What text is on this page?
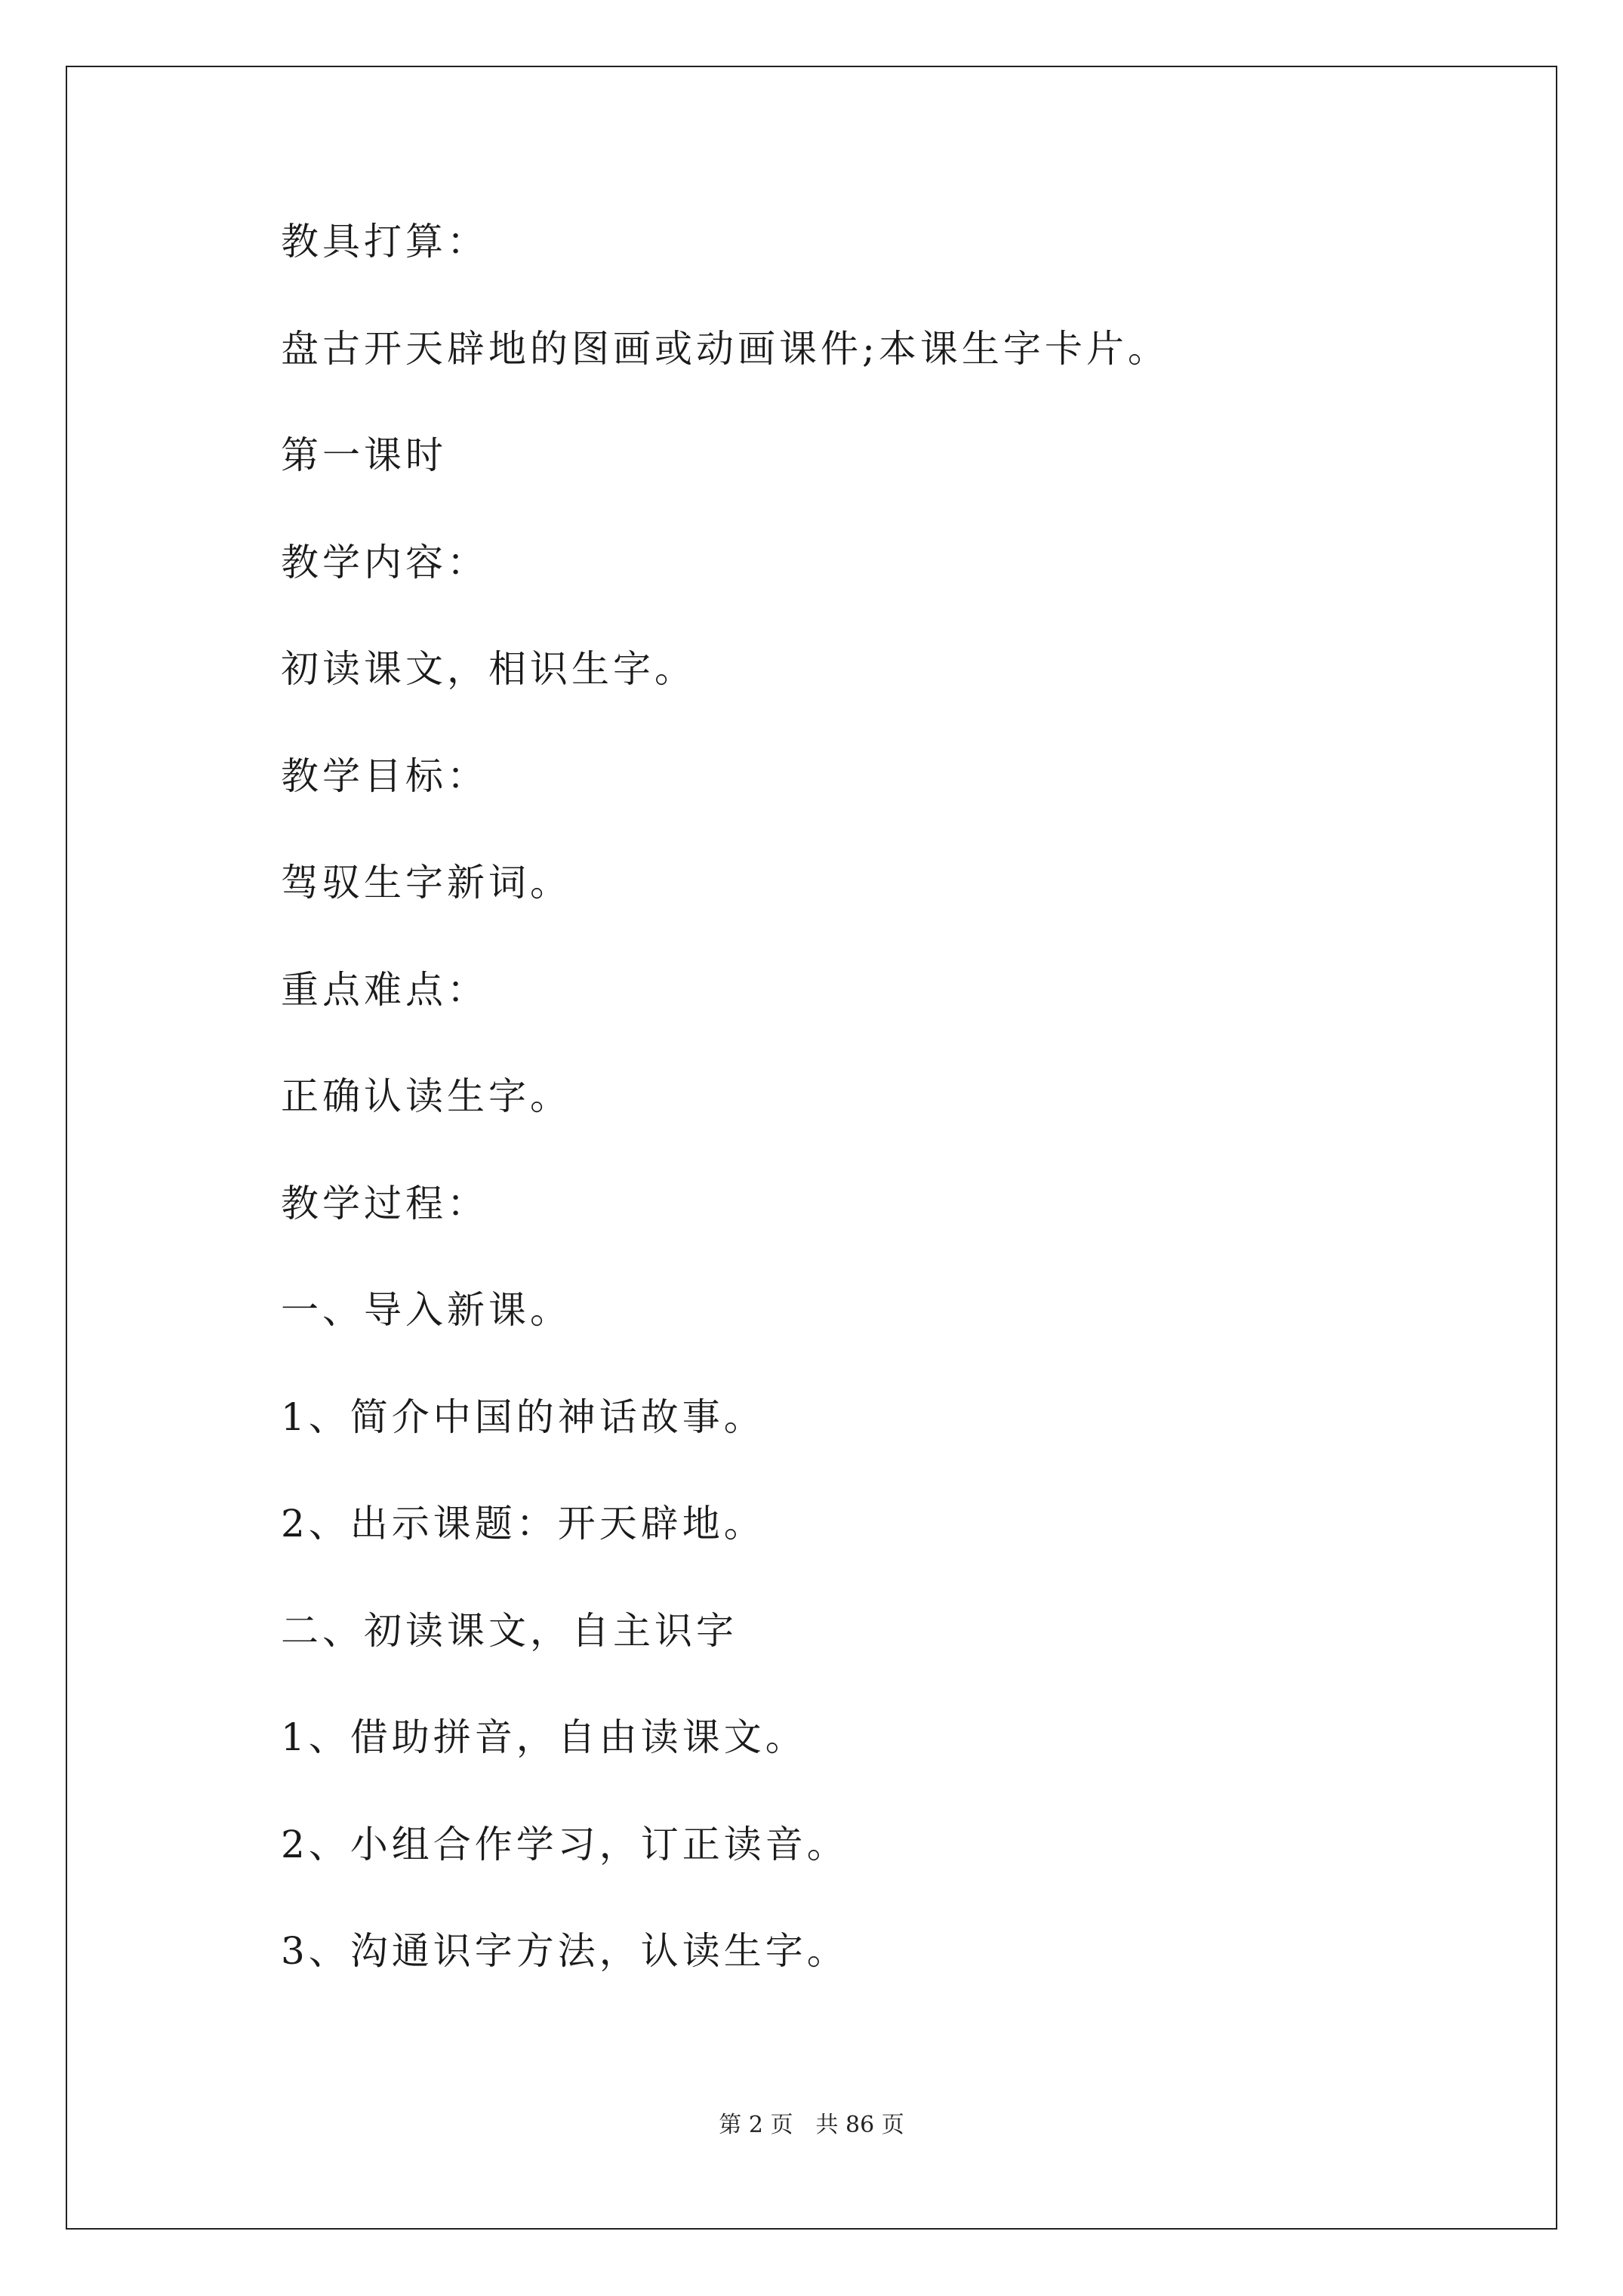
教具打算：
盘古开天辟地的图画或动画课件;本课生字卡片。
第一课时
教学内容：
初读课文，相识生字。
教学目标：
驾驭生字新词。
重点难点：
正确认读生字。
教学过程：
一、导入新课。
1、简介中国的神话故事。
2、出示课题：开天辟地。
二、初读课文，自主识字
1、借助拼音，自由读课文。
2、小组合作学习，订正读音。
3、沟通识字方法，认读生字。
第 2 页　共 86 页
